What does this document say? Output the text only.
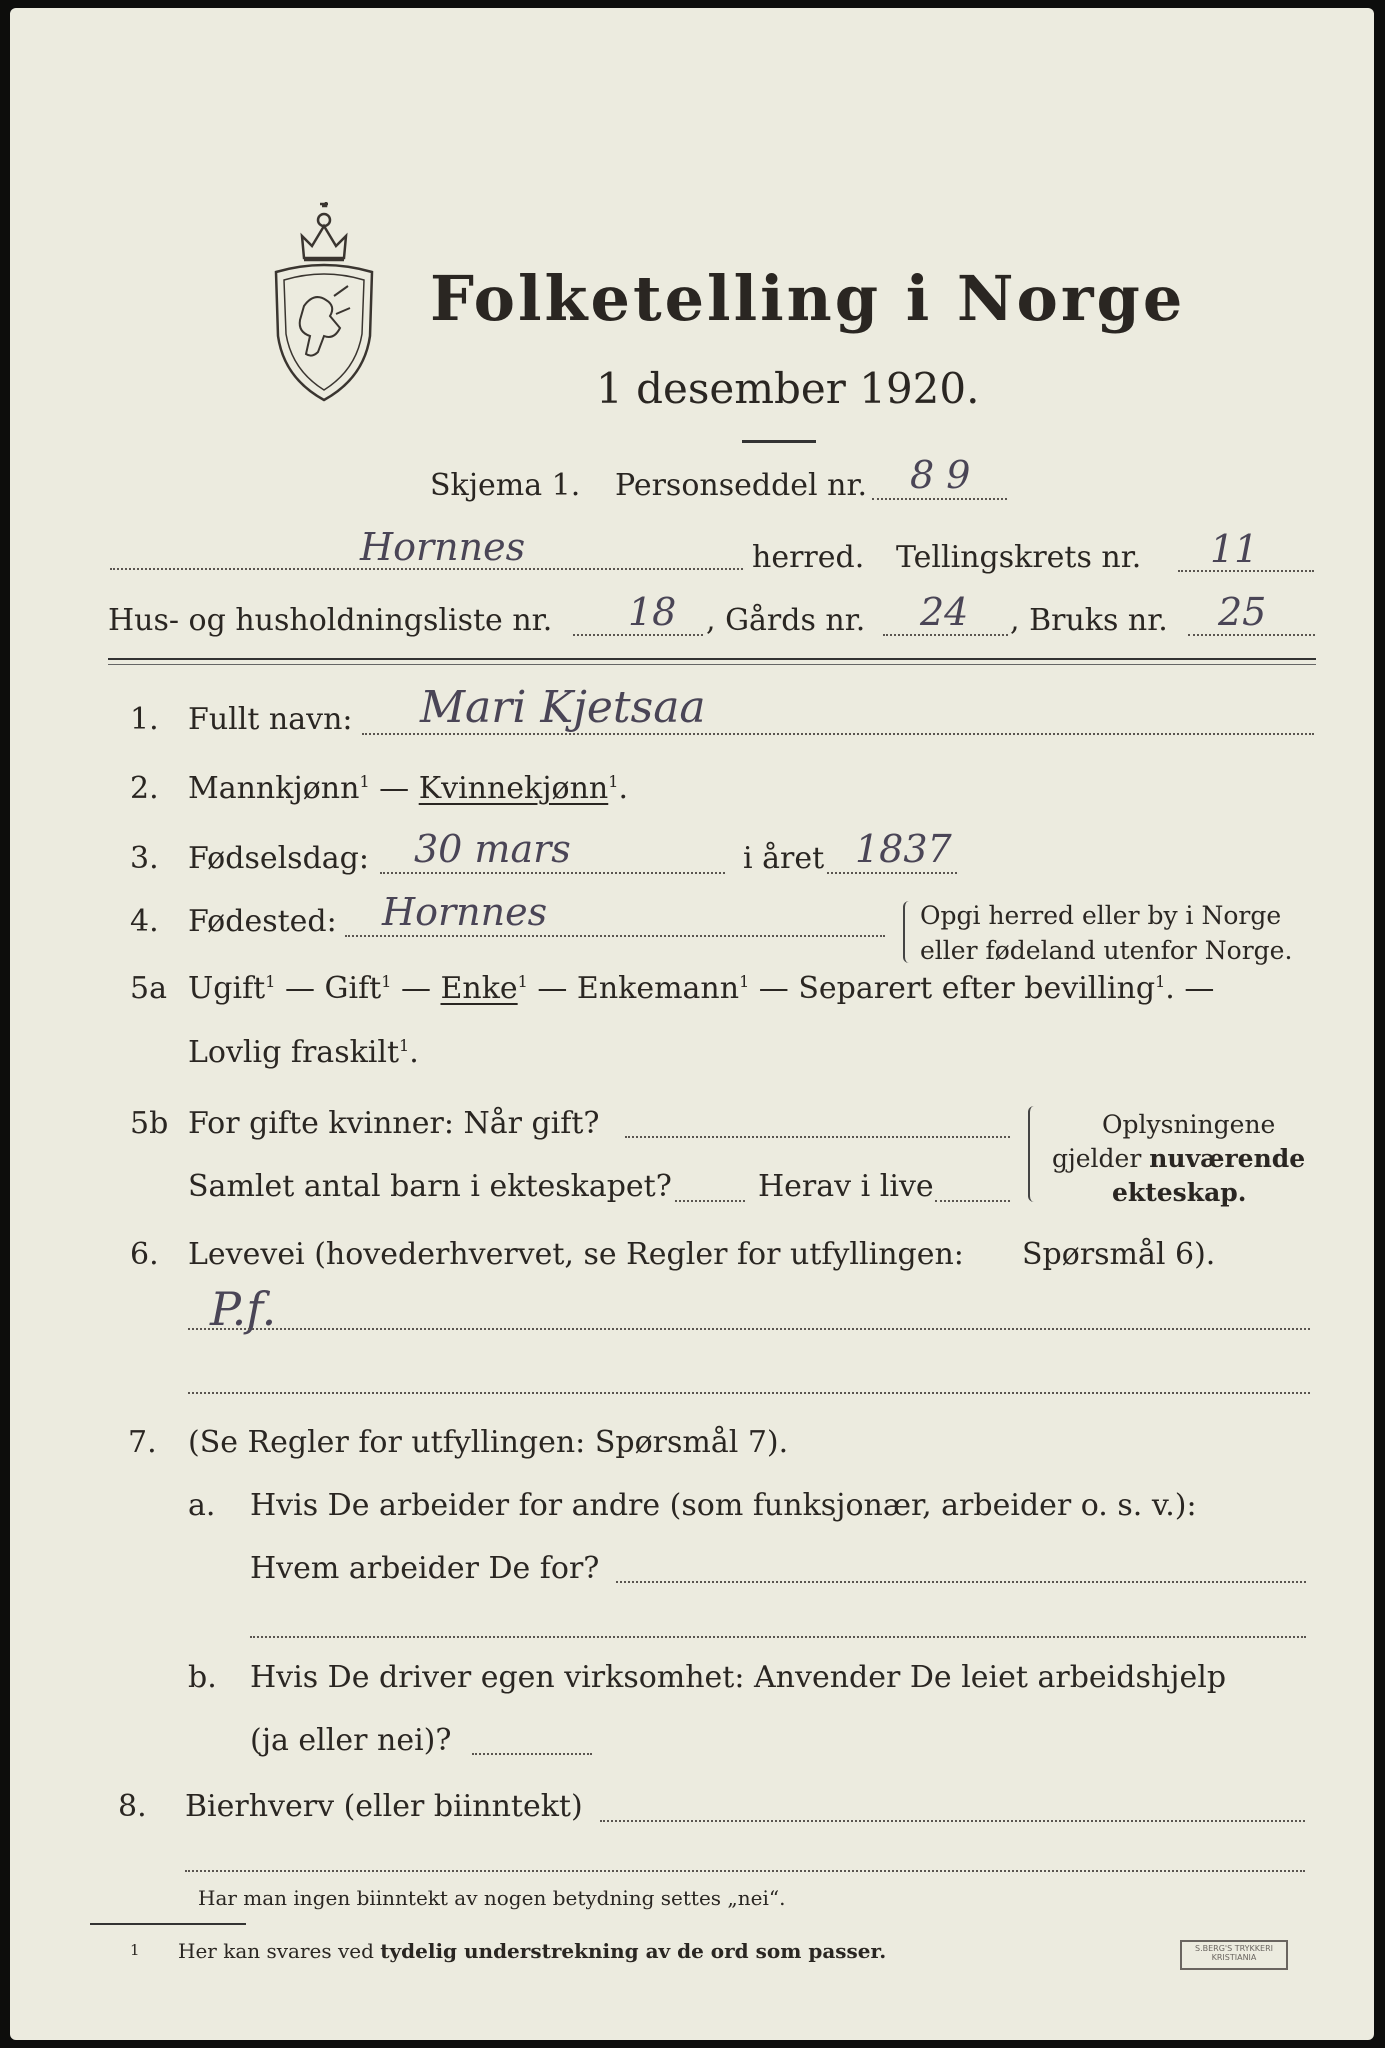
Folketelling i Norge
1 desember 1920.
Skjema 1. Personseddel nr. 8 9
Hornnes	herred. Tellingskrets nr. 11
Hus- og husholdningsliste nr. 18 , Gårds nr. 24 , Bruks nr. 25
1. Fullt navn: Mari Kjetsaa
2. Mannkjønn$^1$ — Kvinnekjønn$^1$.
3. Fødselsdag: 30 mars	i året 1837
4. Fødested: Hornnes	Opgi herred eller by i Norge
eller fødeland utenfor Norge.
5a Ugift$^1$ — Gift$^1$ — Enke$^1$ — Enkemann$^1$ — Separert efter bevilling$^1$. —
Lovlig fraskilt$^1$.
5b For gifte kvinner: Når gift?
Samlet antal barn i ekteskapet?	Herav i live
Oplysningene
gjelder nuværende
ekteskap.
6. Levevei (hovederhvervet, se Regler for utfyllingen: Spørsmål 6).
P.f.
7. (Se Regler for utfyllingen: Spørsmål 7).
a. Hvis De arbeider for andre (som funksjonær, arbeider o. s. v.):
Hvem arbeider De for?
b. Hvis De driver egen virksomhet: Anvender De leiet arbeidshjelp
(ja eller nei)?
8. Bierhverv (eller biinntekt)
Har man ingen biinntekt av nogen betydning settes „nei“.
1 Her kan svares ved tydelig understrekning av de ord som passer.	S.BERG'S TRYKKERI
KRISTIANIA
